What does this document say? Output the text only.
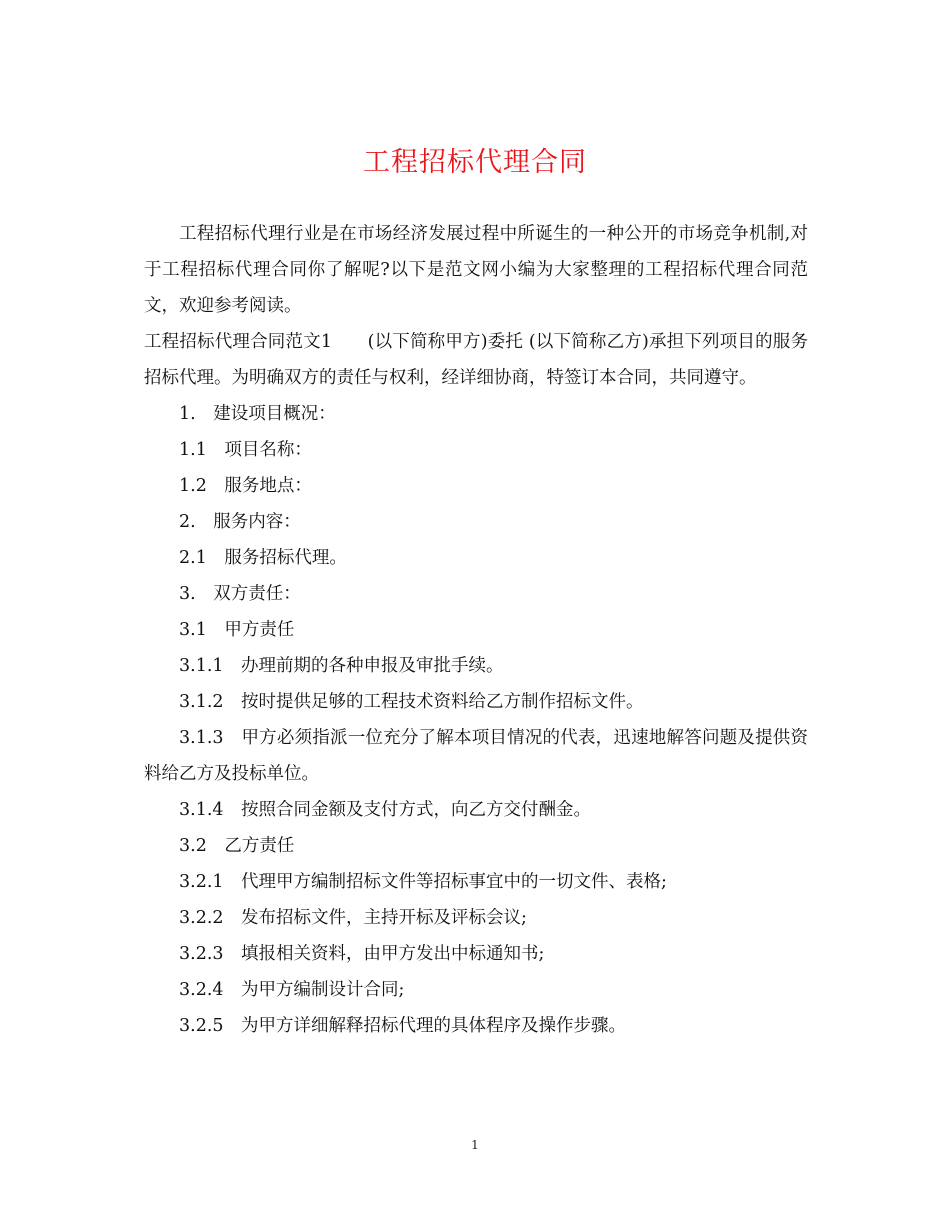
工程招标代理合同

工程招标代理行业是在市场经济发展过程中所诞生的一种公开的市场竞争机制,对于工程招标代理合同你了解呢?以下是范文网小编为大家整理的工程招标代理合同范文，欢迎参考阅读。

工程招标代理合同范文1　　(以下简称甲方)委托 (以下简称乙方)承担下列项目的服务招标代理。为明确双方的责任与权利，经详细协商，特签订本合同，共同遵守。

1.　建设项目概况：

1.1　项目名称：

1.2　服务地点：

2.　服务内容：

2.1　服务招标代理。

3.　双方责任：

3.1　甲方责任

3.1.1　办理前期的各种申报及审批手续。

3.1.2　按时提供足够的工程技术资料给乙方制作招标文件。

3.1.3　甲方必须指派一位充分了解本项目情况的代表，迅速地解答问题及提供资料给乙方及投标单位。

3.1.4　按照合同金额及支付方式，向乙方交付酬金。

3.2　乙方责任

3.2.1　代理甲方编制招标文件等招标事宜中的一切文件、表格;

3.2.2　发布招标文件，主持开标及评标会议;

3.2.3　填报相关资料，由甲方发出中标通知书;

3.2.4　为甲方编制设计合同;

3.2.5　为甲方详细解释招标代理的具体程序及操作步骤。

1
